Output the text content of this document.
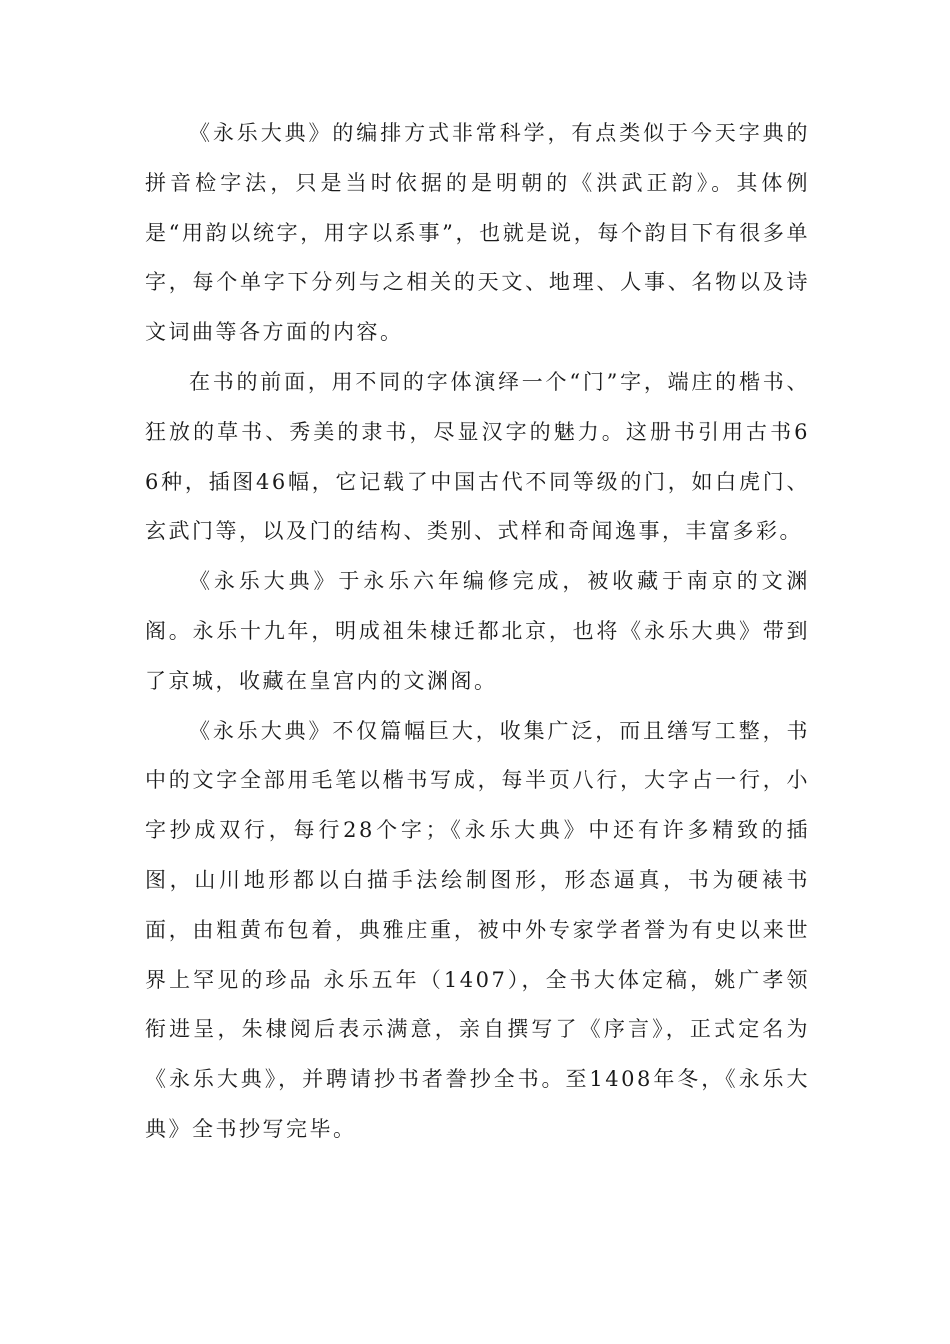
《永乐大典》的编排方式非常科学，有点类似于今天字典的拼音检字法，只是当时依据的是明朝的《洪武正韵》。其体例是“用韵以统字，用字以系事”，也就是说，每个韵目下有很多单字，每个单字下分列与之相关的天文、地理、人事、名物以及诗文词曲等各方面的内容。

在书的前面，用不同的字体演绎一个“门”字，端庄的楷书、狂放的草书、秀美的隶书，尽显汉字的魅力。这册书引用古书66种，插图46幅，它记载了中国古代不同等级的门，如白虎门、玄武门等，以及门的结构、类别、式样和奇闻逸事，丰富多彩。

《永乐大典》于永乐六年编修完成，被收藏于南京的文渊阁。永乐十九年，明成祖朱棣迁都北京，也将《永乐大典》带到了京城，收藏在皇宫内的文渊阁。

《永乐大典》不仅篇幅巨大，收集广泛，而且缮写工整，书中的文字全部用毛笔以楷书写成，每半页八行，大字占一行，小字抄成双行，每行28个字；《永乐大典》中还有许多精致的插图，山川地形都以白描手法绘制图形，形态逼真，书为硬裱书面，由粗黄布包着，典雅庄重，被中外专家学者誉为有史以来世界上罕见的珍品 永乐五年（1407），全书大体定稿，姚广孝领衔进呈，朱棣阅后表示满意，亲自撰写了《序言》，正式定名为《永乐大典》，并聘请抄书者誊抄全书。至1408年冬，《永乐大典》全书抄写完毕。
